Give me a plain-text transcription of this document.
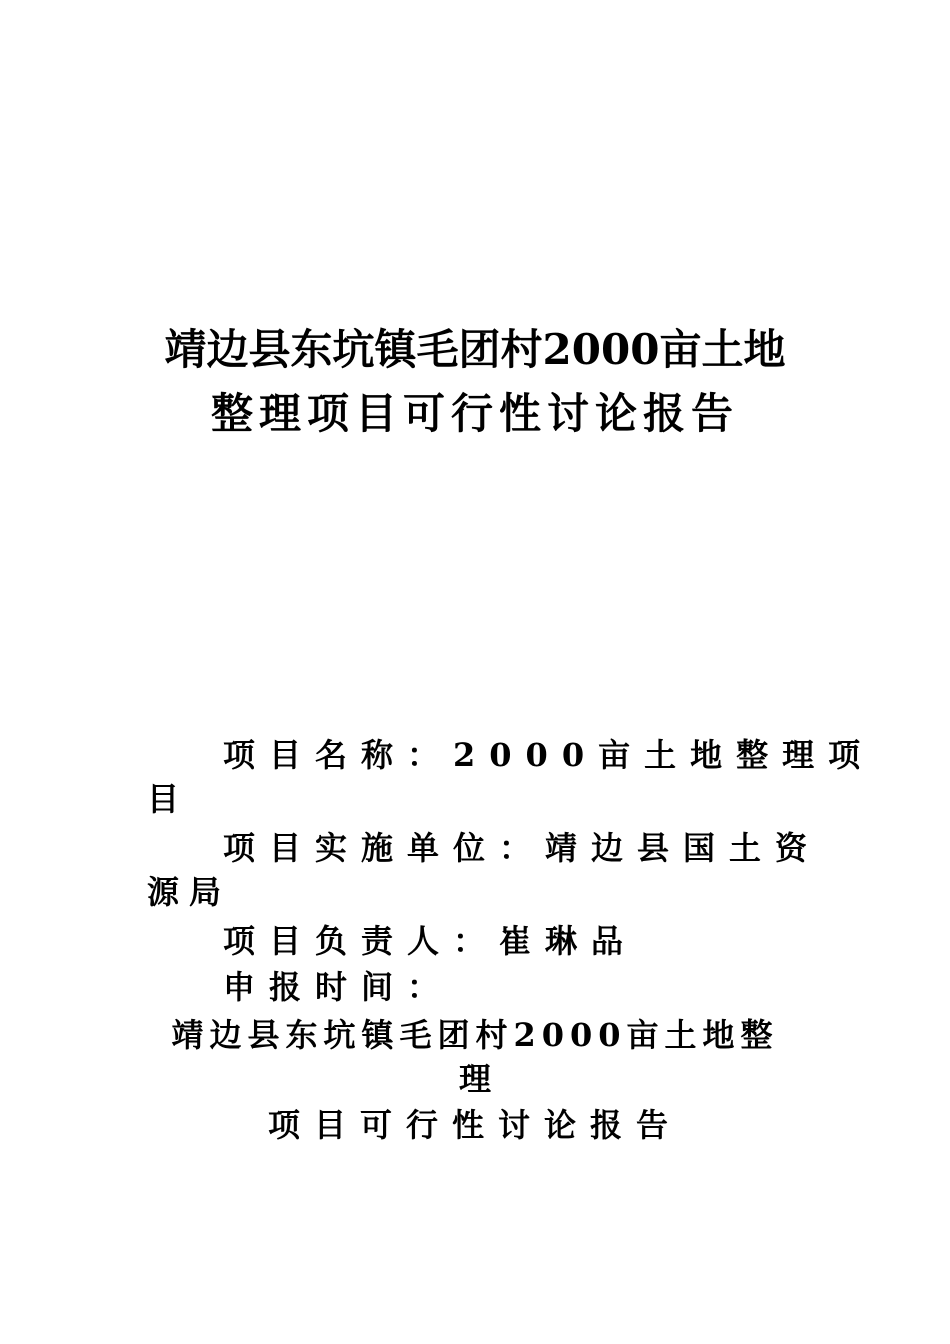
靖边县东坑镇毛团村2000亩土地
整理项目可行性讨论报告
项目名称：2000亩土地整理项
目
项目实施单位：靖边县国土资
源局
项目负责人：崔琳品
申报时间：
靖边县东坑镇毛团村2000亩土地整
理
项目可行性讨论报告
